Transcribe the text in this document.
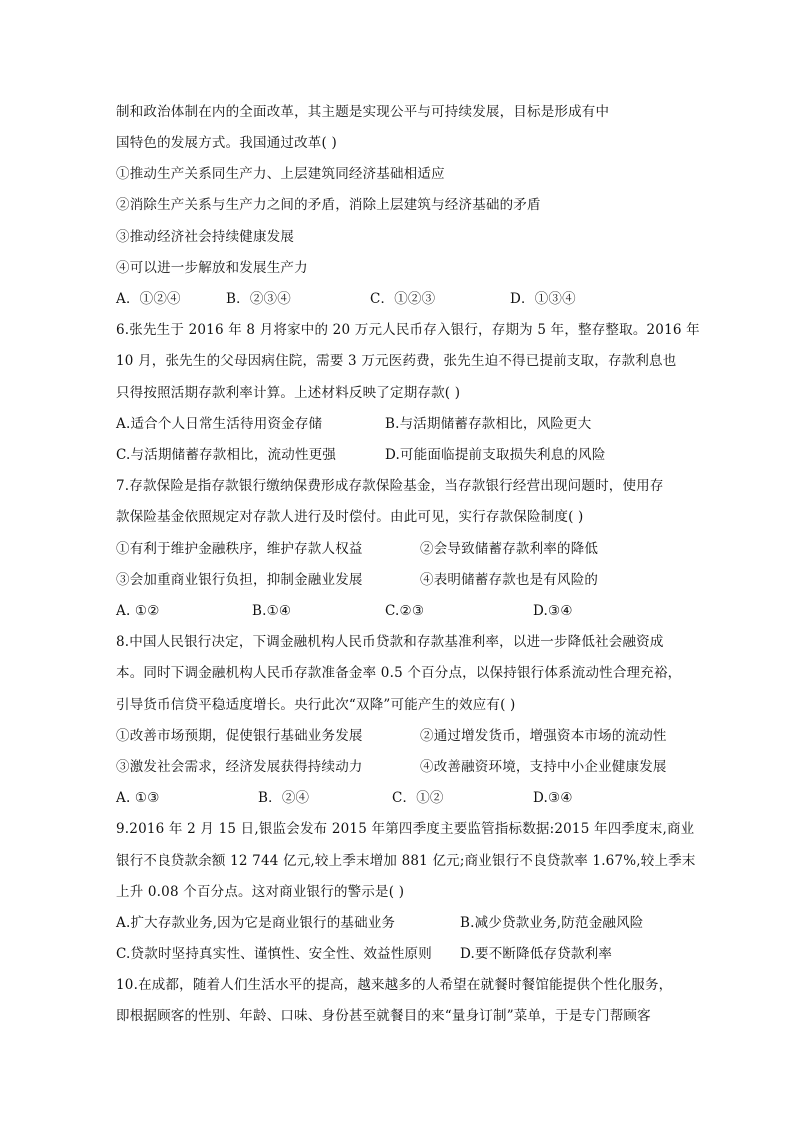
制和政治体制在内的全面改革，其主题是实现公平与可持续发展，目标是形成有中
国特色的发展方式。我国通过改革( )
①推动生产关系同生产力、上层建筑同经济基础相适应
②消除生产关系与生产力之间的矛盾，消除上层建筑与经济基础的矛盾
③推动经济社会持续健康发展
④可以进一步解放和发展生产力
A．①②④	B．②③④	C．①②③	D．①③④
6.张先生于 2016 年 8 月将家中的 20 万元人民币存入银行，存期为 5 年，整存整取。2016 年
10 月，张先生的父母因病住院，需要 3 万元医药费，张先生迫不得已提前支取，存款利息也
只得按照活期存款利率计算。上述材料反映了定期存款( )
A.适合个人日常生活待用资金存储	B.与活期储蓄存款相比，风险更大
C.与活期储蓄存款相比，流动性更强	D.可能面临提前支取损失利息的风险
7.存款保险是指存款银行缴纳保费形成存款保险基金，当存款银行经营出现问题时，使用存
款保险基金依照规定对存款人进行及时偿付。由此可见，实行存款保险制度( )
①有利于维护金融秩序，维护存款人权益	②会导致储蓄存款利率的降低
③会加重商业银行负担，抑制金融业发展	④表明储蓄存款也是有风险的
A. ①②	B.①④	C.②③	D.③④
8.中国人民银行决定，下调金融机构人民币贷款和存款基准利率，以进一步降低社会融资成
本。同时下调金融机构人民币存款准备金率 0.5 个百分点，以保持银行体系流动性合理充裕，
引导货币信贷平稳适度增长。央行此次“双降”可能产生的效应有( )
①改善市场预期，促使银行基础业务发展	②通过增发货币，增强资本市场的流动性
③激发社会需求，经济发展获得持续动力	④改善融资环境，支持中小企业健康发展
A. ①③	B．②④	C．①②	D.③④
9.2016 年 2 月 15 日,银监会发布 2015 年第四季度主要监管指标数据:2015 年四季度末,商业
银行不良贷款余额 12 744 亿元,较上季末增加 881 亿元;商业银行不良贷款率 1.67%,较上季末
上升 0.08 个百分点。这对商业银行的警示是( )
A.扩大存款业务,因为它是商业银行的基础业务	B.减少贷款业务,防范金融风险
C.贷款时坚持真实性、谨慎性、安全性、效益性原则 D.要不断降低存贷款利率
10.在成都，随着人们生活水平的提高，越来越多的人希望在就餐时餐馆能提供个性化服务，
即根据顾客的性别、年龄、口味、身份甚至就餐目的来“量身订制”菜单，于是专门帮顾客
